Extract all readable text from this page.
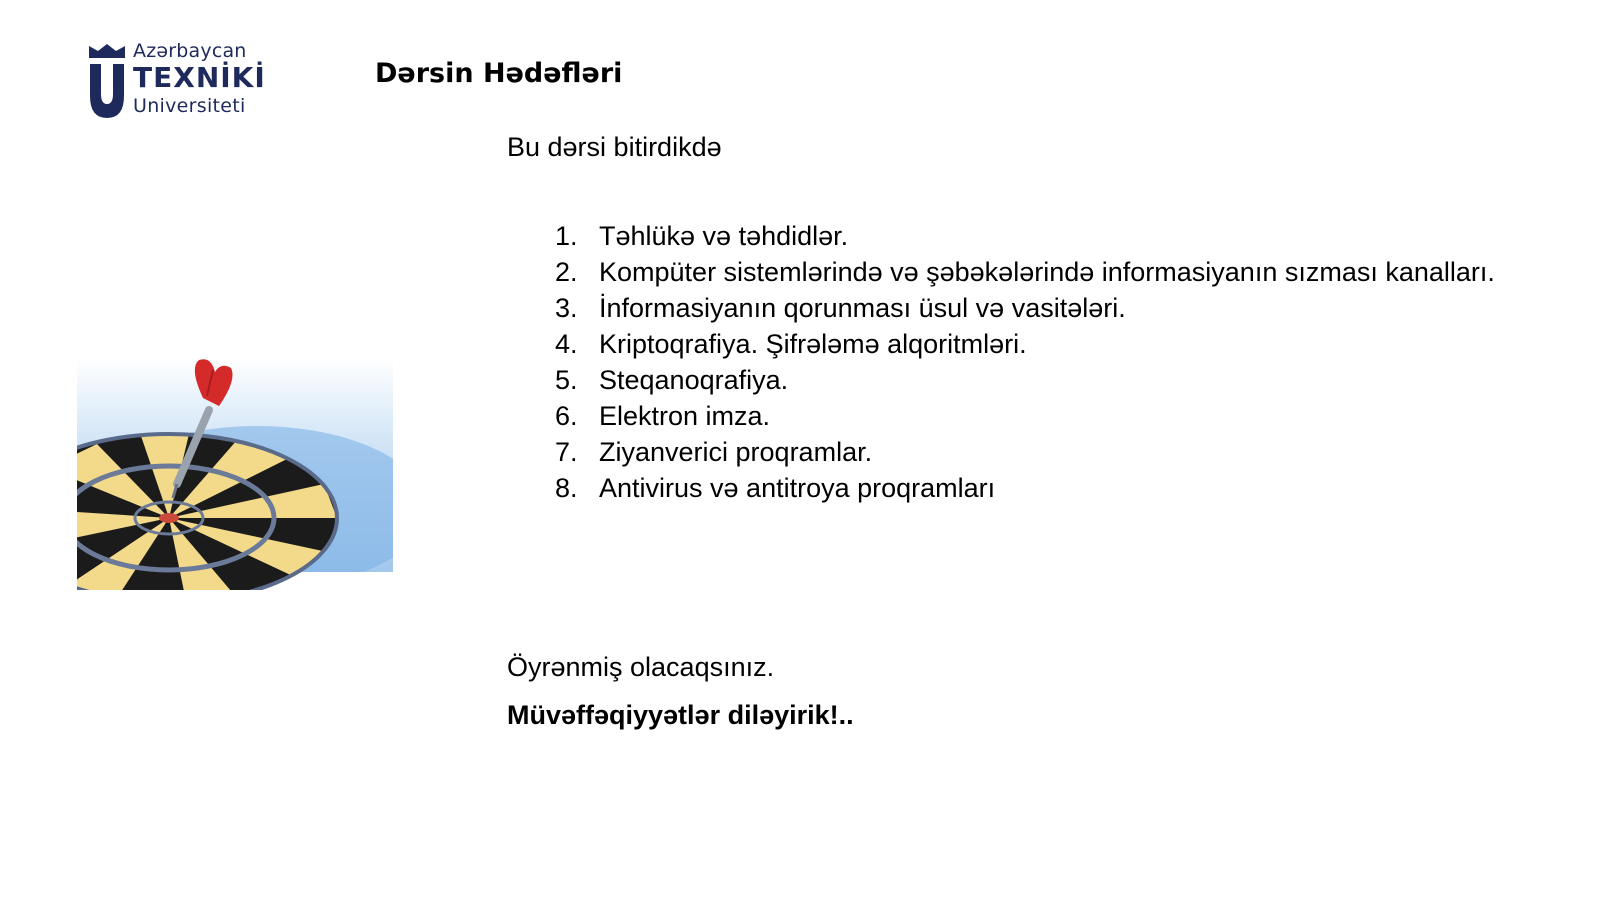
Azərbaycan
TEXNİKİ
Universiteti
Dərsin Hədəfləri

Bu dərsi bitirdikdə

1. Təhlükə və təhdidlər.
2. Kompüter sistemlərində və şəbəkələrində informasiyanın sızması kanalları.
3. İnformasiyanın qorunması üsul və vasitələri.
4. Kriptoqrafiya. Şifrələmə alqoritmləri.
5. Steqanoqrafiya.
6. Elektron imza.
7. Ziyanverici proqramlar.
8. Antivirus və antitroya proqramları

Öyrənmiş olacaqsınız.

Müvəffəqiyyətlər diləyirik!..
